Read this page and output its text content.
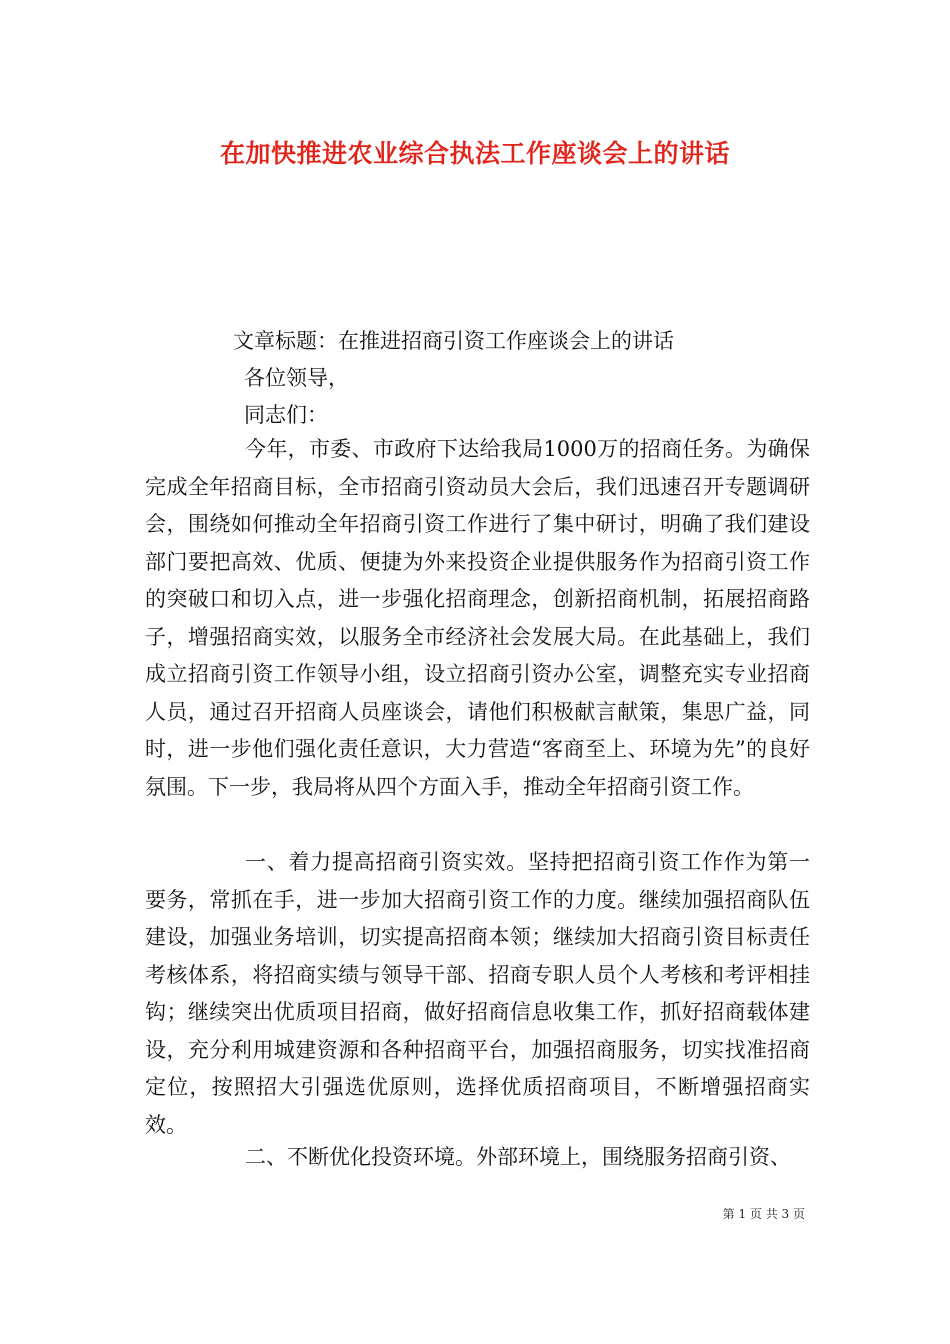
在加快推进农业综合执法工作座谈会上的讲话
文章标题：在推进招商引资工作座谈会上的讲话
各位领导，
同志们：
今年，市委、市政府下达给我局1000万的招商任务。为确保完成全年招商目标，全市招商引资动员大会后，我们迅速召开专题调研会，围绕如何推动全年招商引资工作进行了集中研讨，明确了我们建设部门要把高效、优质、便捷为外来投资企业提供服务作为招商引资工作的突破口和切入点，进一步强化招商理念，创新招商机制，拓展招商路子，增强招商实效，以服务全市经济社会发展大局。在此基础上，我们成立招商引资工作领导小组，设立招商引资办公室，调整充实专业招商人员，通过召开招商人员座谈会，请他们积极献言献策，集思广益，同时，进一步他们强化责任意识，大力营造“客商至上、环境为先”的良好氛围。下一步，我局将从四个方面入手，推动全年招商引资工作。
一、着力提高招商引资实效。坚持把招商引资工作作为第一要务，常抓在手，进一步加大招商引资工作的力度。继续加强招商队伍建设，加强业务培训，切实提高招商本领；继续加大招商引资目标责任考核体系，将招商实绩与领导干部、招商专职人员个人考核和考评相挂钩；继续突出优质项目招商，做好招商信息收集工作，抓好招商载体建设，充分利用城建资源和各种招商平台，加强招商服务，切实找准招商定位，按照招大引强选优原则，选择优质招商项目，不断增强招商实效。
二、不断优化投资环境。外部环境上，围绕服务招商引资、
第 1 页 共 3 页
